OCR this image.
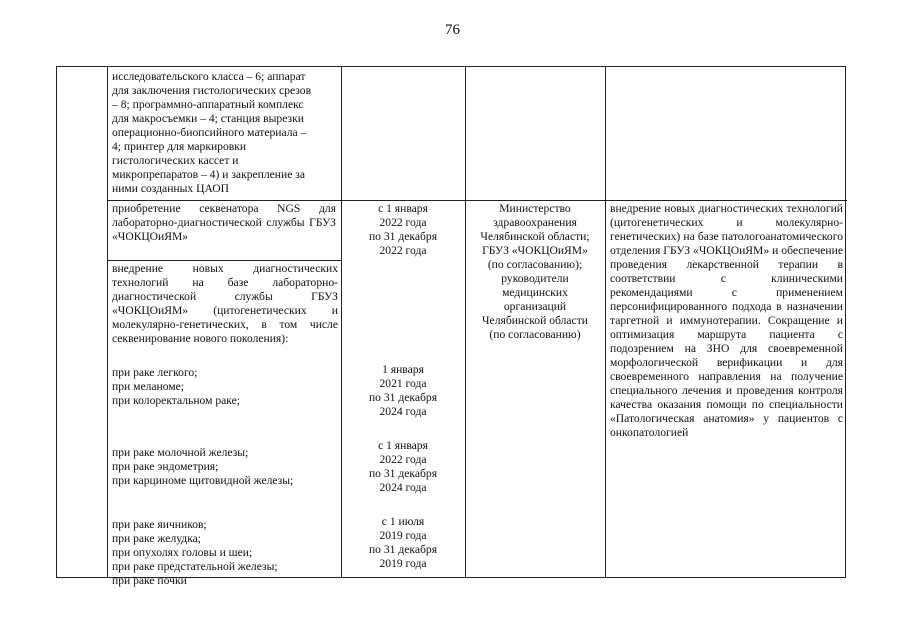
76
исследовательского класса – 6; аппарат
для заключения гистологических срезов
– 8; программно-аппаратный комплекс
для макросъемки – 4; станция вырезки
операционно-биопсийного материала –
4; принтер для маркировки
гистологических кассет и
микропрепаратов – 4) и закрепление за
ними созданных ЦАОП
приобретение секвенатора NGS для лабораторно-диагностической службы ГБУЗ «ЧОКЦОиЯМ»
с 1 января
2022 года
по 31 декабря
2022 года
Министерство
здравоохранения
Челябинской области;
ГБУЗ «ЧОКЦОиЯМ»
(по согласованию);
руководители
медицинских
организаций
Челябинской области
(по согласованию)
внедрение новых диагностических технологий (цитогенетических и молекулярно-генетических) на базе патологоанатомического отделения ГБУЗ «ЧОКЦОиЯМ» и обеспечение проведения лекарственной терапии в соответствии с клиническими рекомендациями с применением персонифицированного подхода в назначении таргетной и иммунотерапии. Сокращение и оптимизация маршрута пациента с подозрением на ЗНО для своевременной морфологической верификации и для своевременного направления на получение специального лечения и проведения контроля качества оказания помощи по специальности «Патологическая анатомия» у пациентов с онкопатологией
внедрение новых диагностических технологий на базе лабораторно-диагностической службы ГБУЗ «ЧОКЦОиЯМ» (цитогенетических и молекулярно-генетических, в том числе секвенирование нового поколения):
при раке легкого;
при меланоме;
при колоректальном раке;
при раке молочной железы;
при раке эндометрия;
при карциноме щитовидной железы;
при раке яичников;
при раке желудка;
при опухолях головы и шеи;
при раке предстательной железы;
при раке почки
1 января
2021 года
по 31 декабря
2024 года
с 1 января
2022 года
по 31 декабря
2024 года
с 1 июля
2019 года
по 31 декабря
2019 года
